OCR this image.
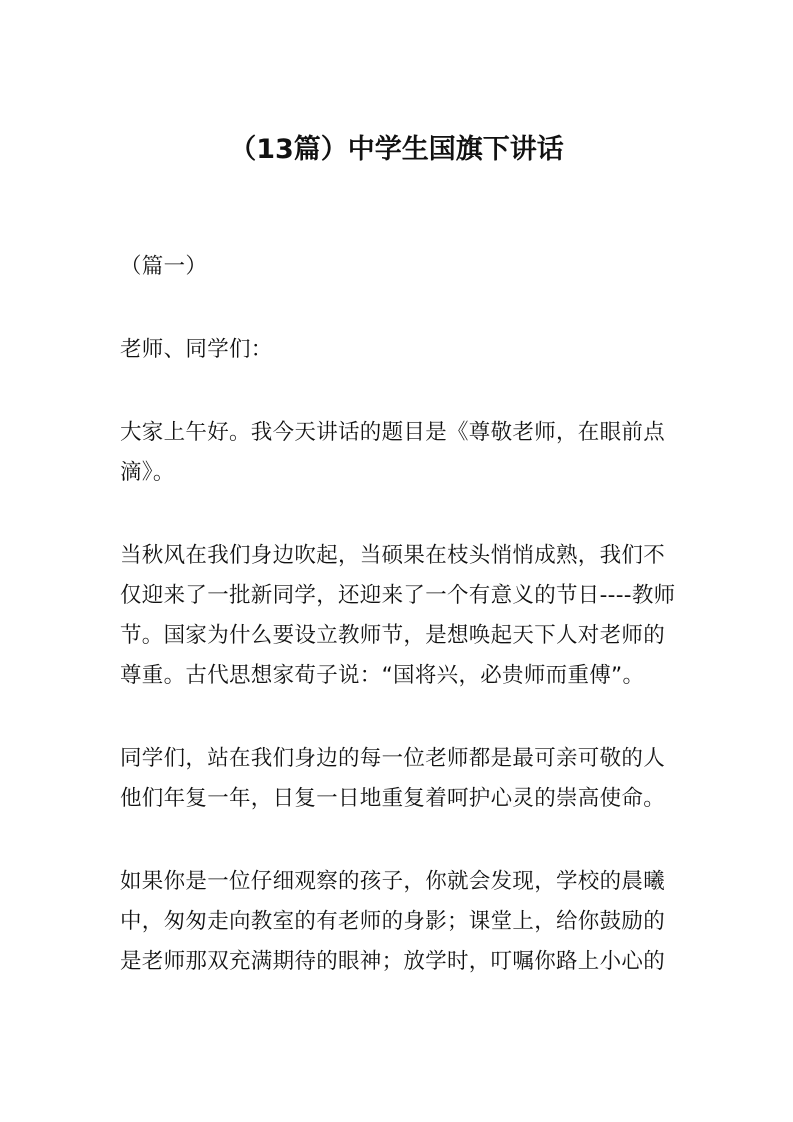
（13篇）中学生国旗下讲话
（篇一）
老师、同学们：
大家上午好。我今天讲话的题目是《尊敬老师，在眼前点
滴》。
当秋风在我们身边吹起，当硕果在枝头悄悄成熟，我们不
仅迎来了一批新同学，还迎来了一个有意义的节日----教师
节。国家为什么要设立教师节，是想唤起天下人对老师的
尊重。古代思想家荀子说：“国将兴，必贵师而重傅”。
同学们，站在我们身边的每一位老师都是最可亲可敬的人
他们年复一年，日复一日地重复着呵护心灵的崇高使命。
如果你是一位仔细观察的孩子，你就会发现，学校的晨曦
中，匆匆走向教室的有老师的身影；课堂上，给你鼓励的
是老师那双充满期待的眼神；放学时，叮嘱你路上小心的
